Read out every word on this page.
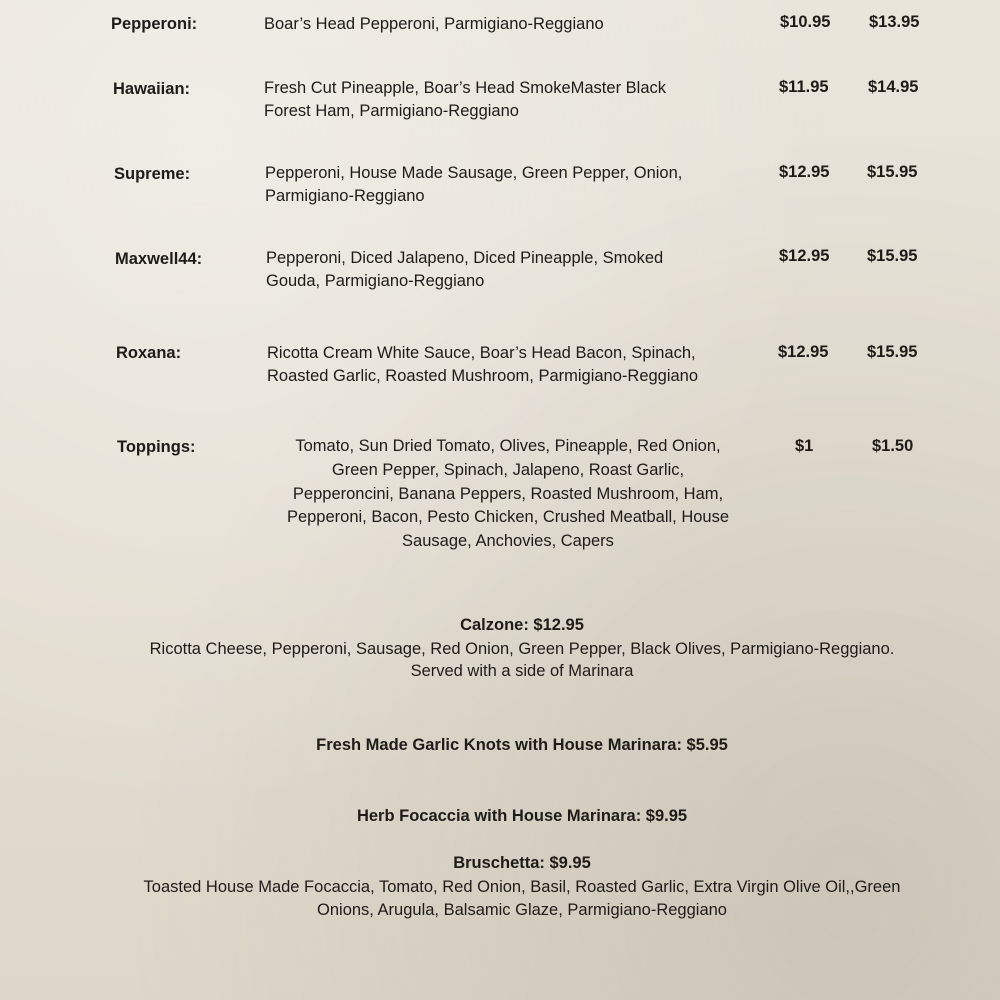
Pepperoni:	Boar’s Head Pepperoni, Parmigiano-Reggiano	$10.95 $13.95
Hawaiian:	Fresh Cut Pineapple, Boar’s Head SmokeMaster Black
Forest Ham, Parmigiano-Reggiano
$11.95 $14.95
Supreme:	Pepperoni, House Made Sausage, Green Pepper, Onion,
Parmigiano-Reggiano
$12.95 $15.95
Maxwell44:	Pepperoni, Diced Jalapeno, Diced Pineapple, Smoked
Gouda, Parmigiano-Reggiano
$12.95 $15.95
Roxana:	Ricotta Cream White Sauce, Boar’s Head Bacon, Spinach,
Roasted Garlic, Roasted Mushroom, Parmigiano-Reggiano
$12.95 $15.95
Toppings:	Tomato, Sun Dried Tomato, Olives, Pineapple, Red Onion,
Green Pepper, Spinach, Jalapeno, Roast Garlic,
Pepperoncini, Banana Peppers, Roasted Mushroom, Ham,
Pepperoni, Bacon, Pesto Chicken, Crushed Meatball, House
Sausage, Anchovies, Capers
$1	$1.50
Calzone: $12.95
Ricotta Cheese, Pepperoni, Sausage, Red Onion, Green Pepper, Black Olives, Parmigiano-Reggiano.
Served with a side of Marinara
Fresh Made Garlic Knots with House Marinara: $5.95
Herb Focaccia with House Marinara: $9.95
Bruschetta: $9.95
Toasted House Made Focaccia, Tomato, Red Onion, Basil, Roasted Garlic, Extra Virgin Olive Oil,,Green
Onions, Arugula, Balsamic Glaze, Parmigiano-Reggiano
